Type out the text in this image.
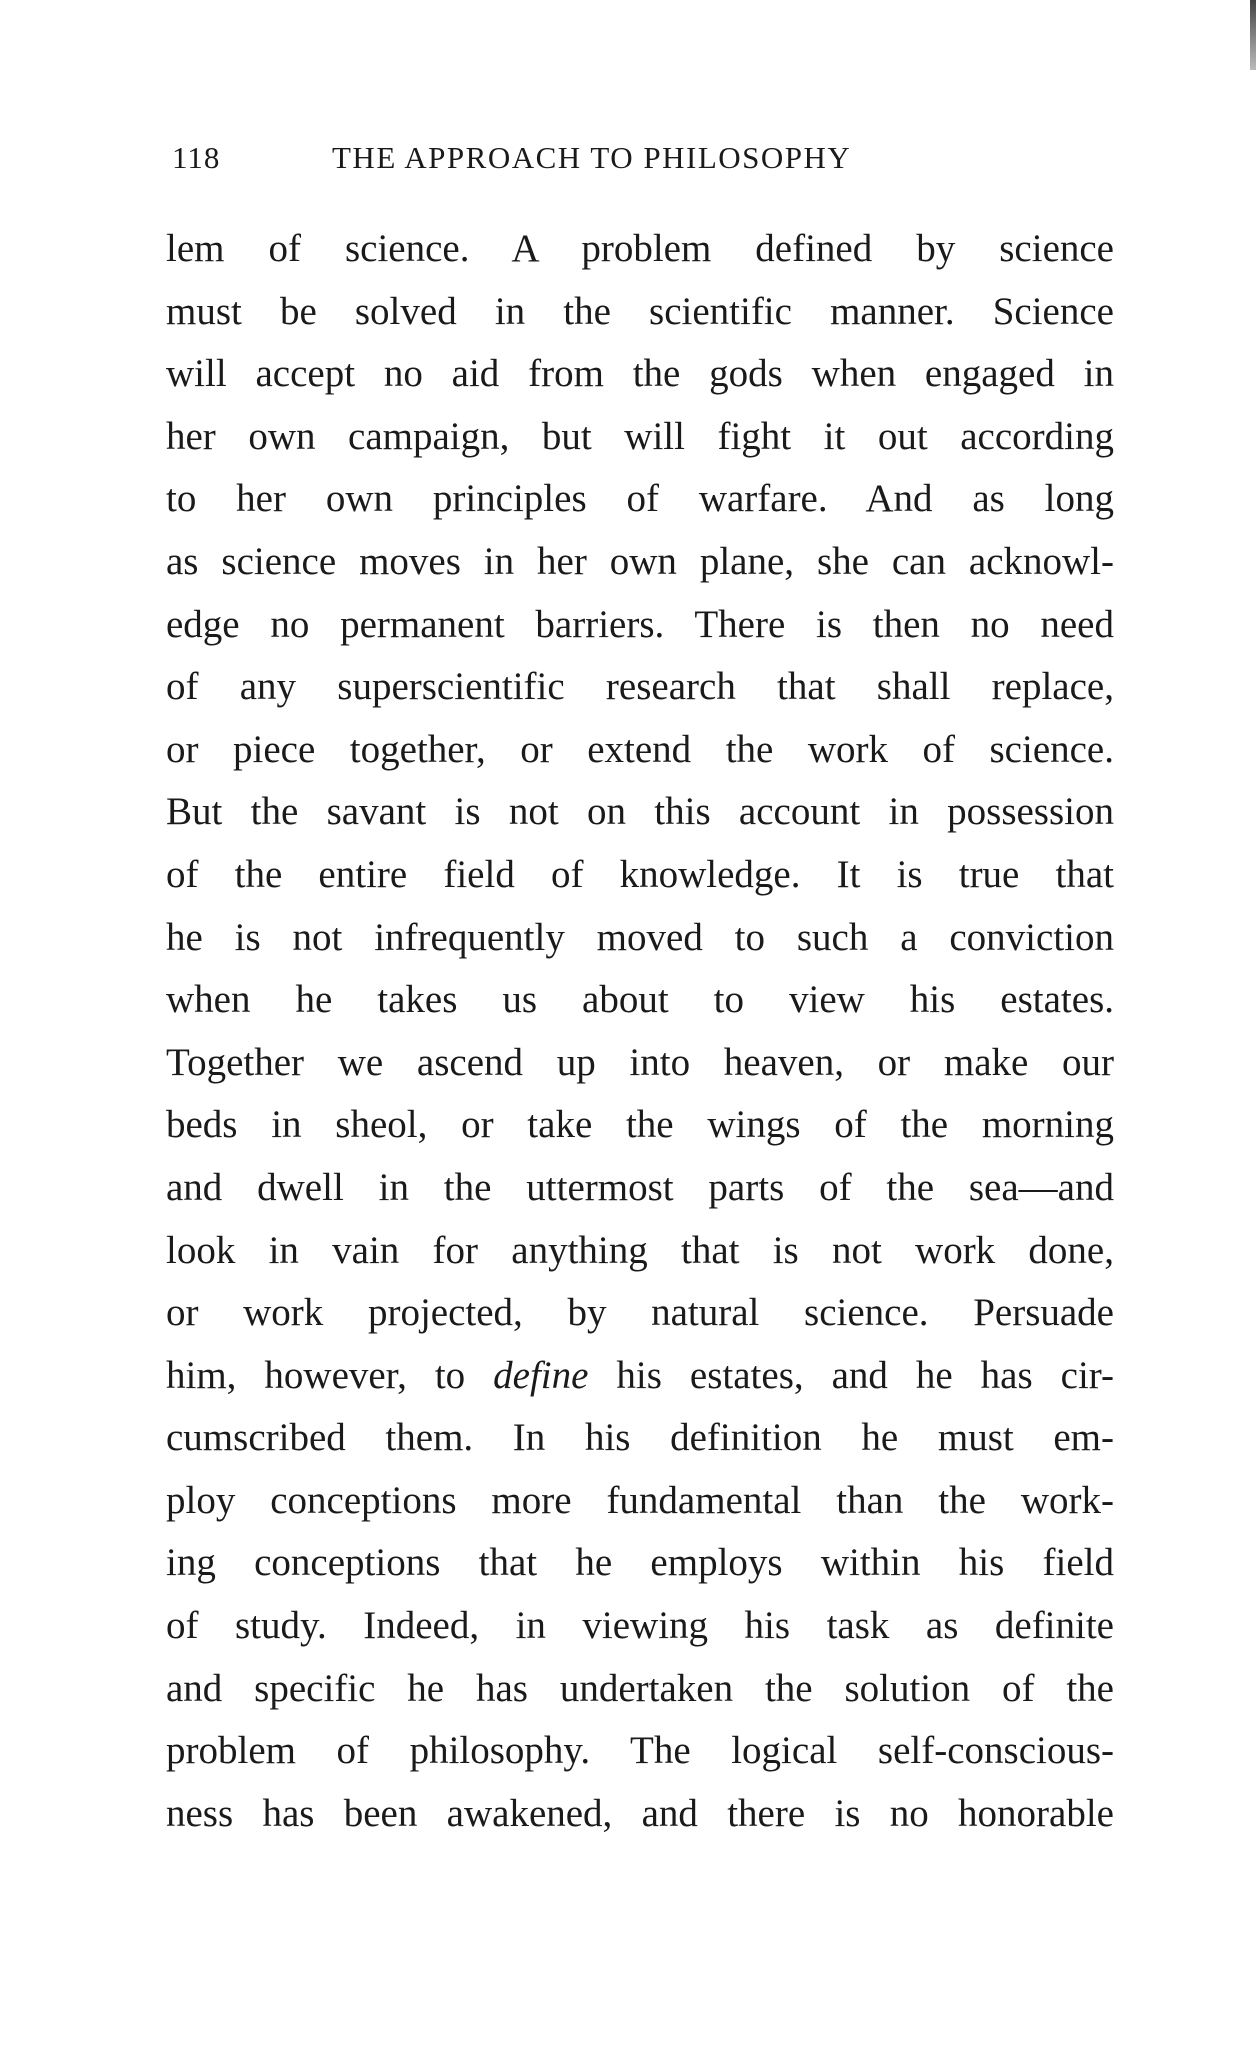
118	THE APPROACH TO PHILOSOPHY
lem of science. A problem defined by science
must be solved in the scientific manner. Science
will accept no aid from the gods when engaged in
her own campaign, but will fight it out according
to her own principles of warfare. And as long
as science moves in her own plane, she can acknowl-
edge no permanent barriers. There is then no need
of any superscientific research that shall replace,
or piece together, or extend the work of science.
But the savant is not on this account in possession
of the entire field of knowledge. It is true that
he is not infrequently moved to such a conviction
when he takes us about to view his estates.
Together we ascend up into heaven, or make our
beds in sheol, or take the wings of the morning
and dwell in the uttermost parts of the sea—and
look in vain for anything that is not work done,
or work projected, by natural science. Persuade
him, however, to define his estates, and he has cir-
cumscribed them. In his definition he must em-
ploy conceptions more fundamental than the work-
ing conceptions that he employs within his field
of study. Indeed, in viewing his task as definite
and specific he has undertaken the solution of the
problem of philosophy. The logical self-conscious-
ness has been awakened, and there is no honorable
